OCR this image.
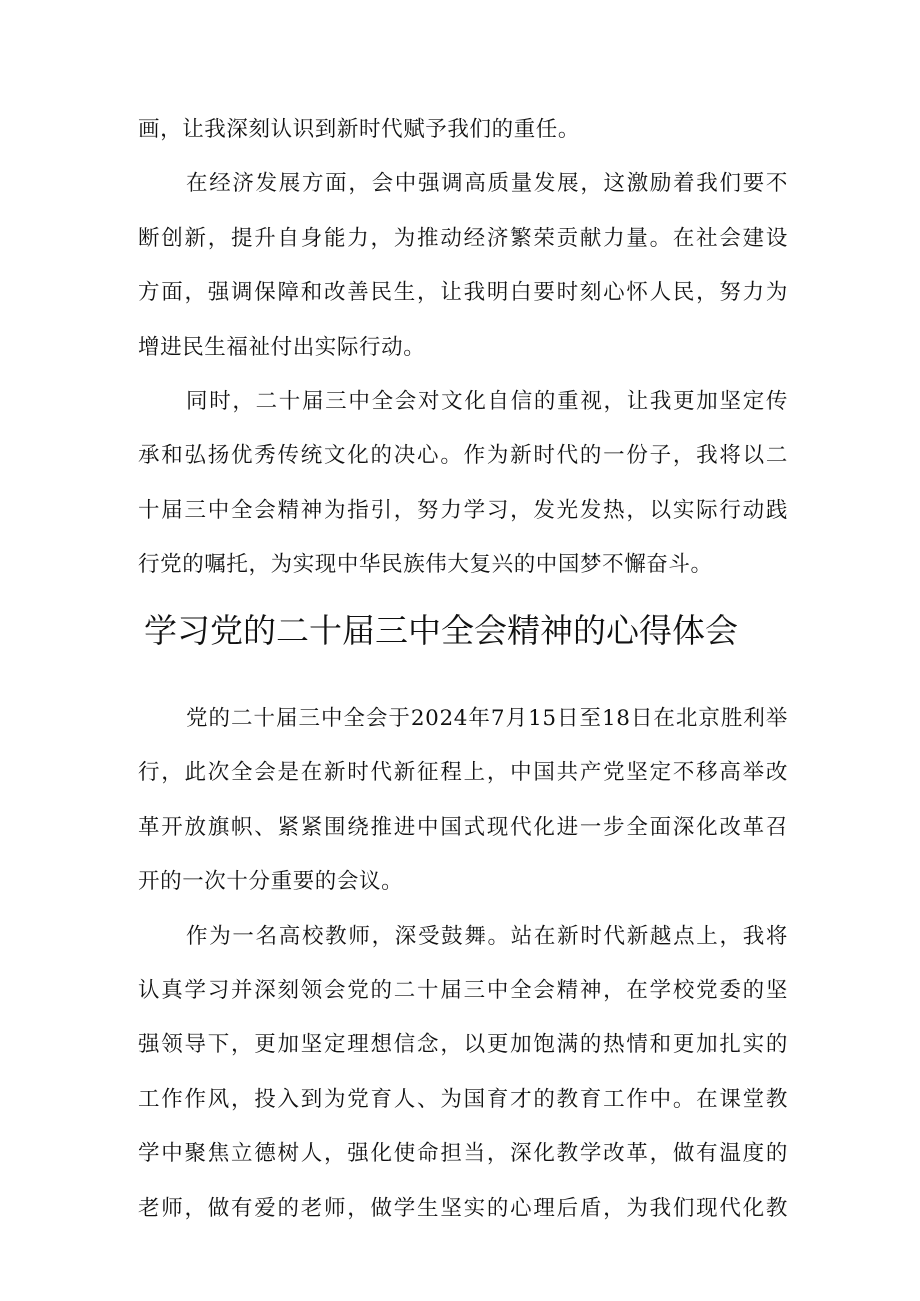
画，让我深刻认识到新时代赋予我们的重任。
在经济发展方面，会中强调高质量发展，这激励着我们要不
断创新，提升自身能力，为推动经济繁荣贡献力量。在社会建设
方面，强调保障和改善民生，让我明白要时刻心怀人民，努力为
增进民生福祉付出实际行动。
同时，二十届三中全会对文化自信的重视，让我更加坚定传
承和弘扬优秀传统文化的决心。作为新时代的一份子，我将以二
十届三中全会精神为指引，努力学习，发光发热，以实际行动践
行党的嘱托，为实现中华民族伟大复兴的中国梦不懈奋斗。
学习党的二十届三中全会精神的心得体会
党的二十届三中全会于2024年7月15日至18日在北京胜利举
行，此次全会是在新时代新征程上，中国共产党坚定不移高举改
革开放旗帜、紧紧围绕推进中国式现代化进一步全面深化改革召
开的一次十分重要的会议。
作为一名高校教师，深受鼓舞。站在新时代新越点上，我将
认真学习并深刻领会党的二十届三中全会精神，在学校党委的坚
强领导下，更加坚定理想信念，以更加饱满的热情和更加扎实的
工作作风，投入到为党育人、为国育才的教育工作中。在课堂教
学中聚焦立德树人，强化使命担当，深化教学改革，做有温度的
老师，做有爱的老师，做学生坚实的心理后盾，为我们现代化教
